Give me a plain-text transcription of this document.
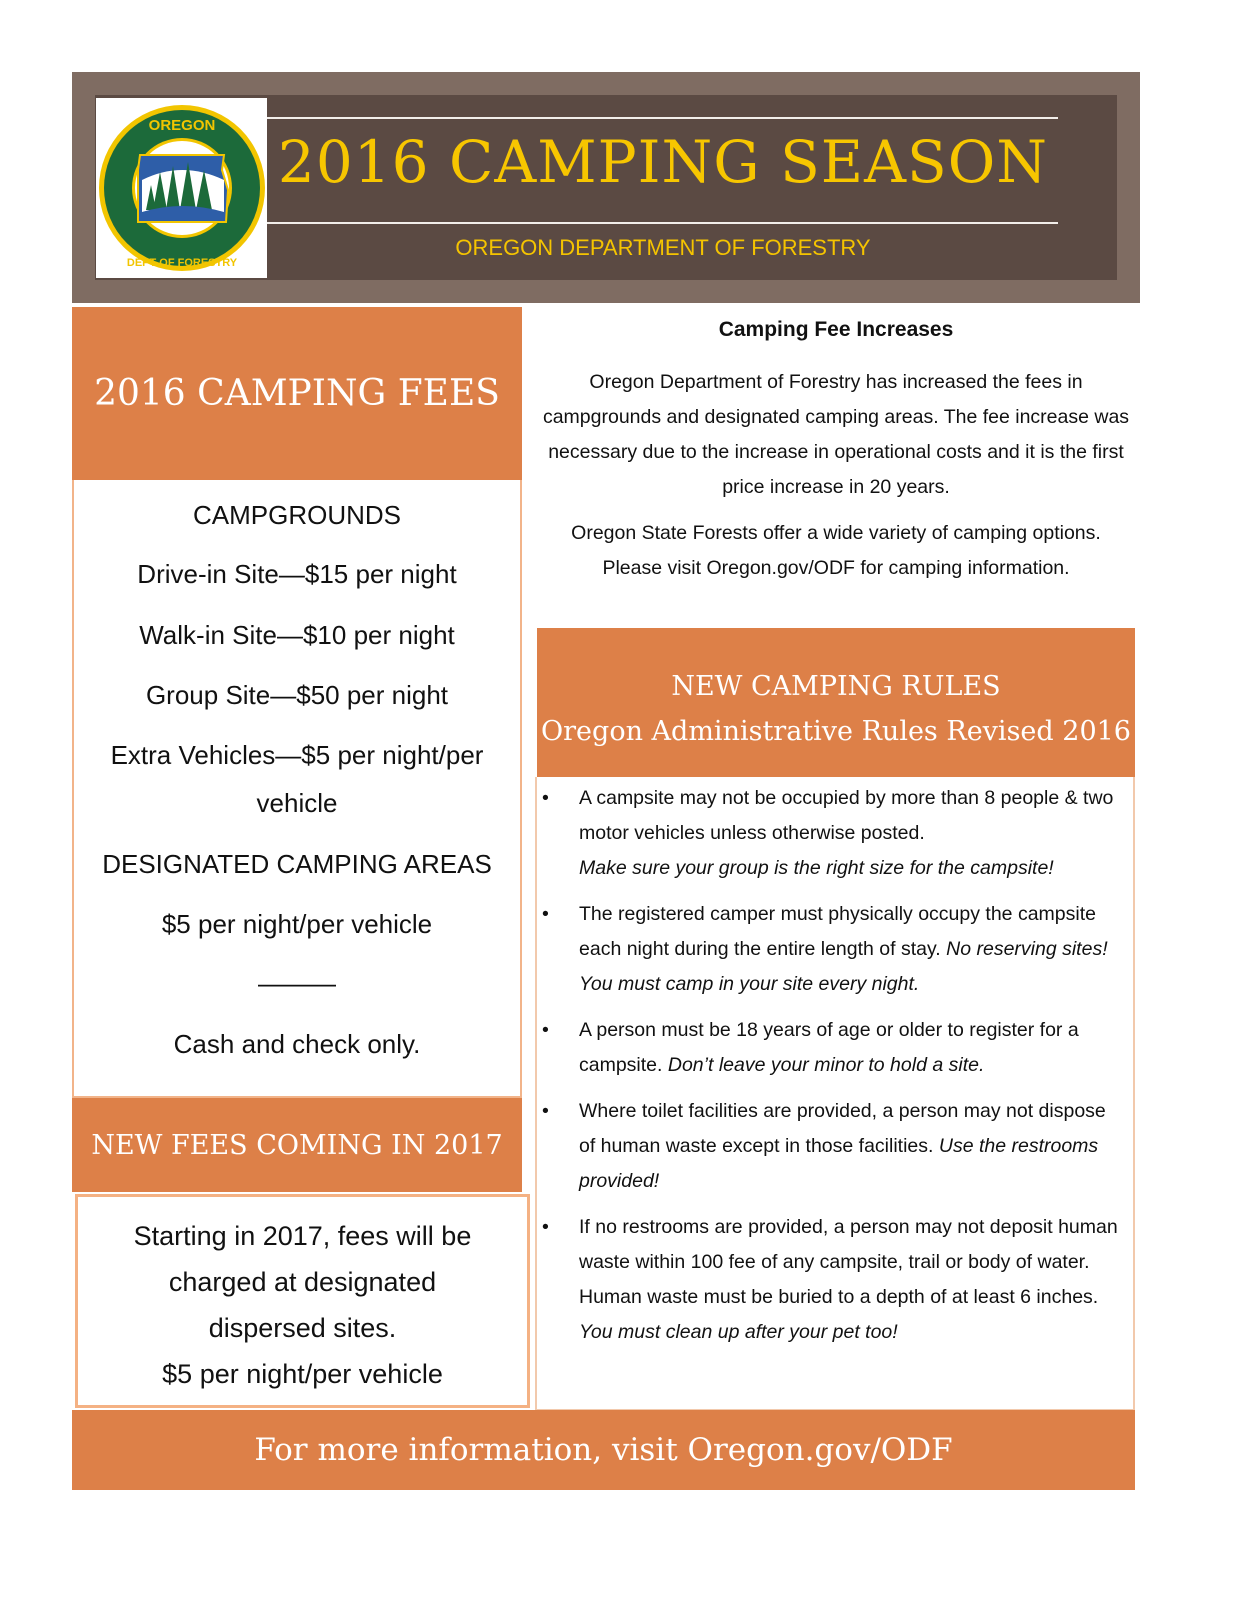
OREGON
DEPT OF FORESTRY
2016 CAMPING SEASON
OREGON DEPARTMENT OF FORESTRY
2016 CAMPING FEES
CAMPGROUNDS
Drive-in Site—$15 per night
Walk-in Site—$10 per night
Group Site—$50 per night
Extra Vehicles—$5 per night/per
vehicle
DESIGNATED CAMPING AREAS
$5 per night/per vehicle
———
Cash and check only.
NEW FEES COMING IN 2017
Starting in 2017, fees will be
charged at designated
dispersed sites.
$5 per night/per vehicle
Camping Fee Increases

Oregon Department of Forestry has increased the fees in campgrounds and designated camping areas. The fee increase was necessary due to the increase in operational costs and it is the first price increase in 20 years.

Oregon State Forests offer a wide variety of camping options. Please visit Oregon.gov/ODF for camping information.

NEW CAMPING RULES
Oregon Administrative Rules Revised 2016
• A campsite may not be occupied by more than 8 people & two motor vehicles unless otherwise posted.
Make sure your group is the right size for the campsite!
• The registered camper must physically occupy the campsite each night during the entire length of stay. No reserving sites! You must camp in your site every night.
• A person must be 18 years of age or older to register for a campsite. Don’t leave your minor to hold a site.
• Where toilet facilities are provided, a person may not dispose of human waste except in those facilities. Use the restrooms provided!
• If no restrooms are provided, a person may not deposit human waste within 100 fee of any campsite, trail or body of water. Human waste must be buried to a depth of at least 6 inches. You must clean up after your pet too!
For more information, visit Oregon.gov/ODF
